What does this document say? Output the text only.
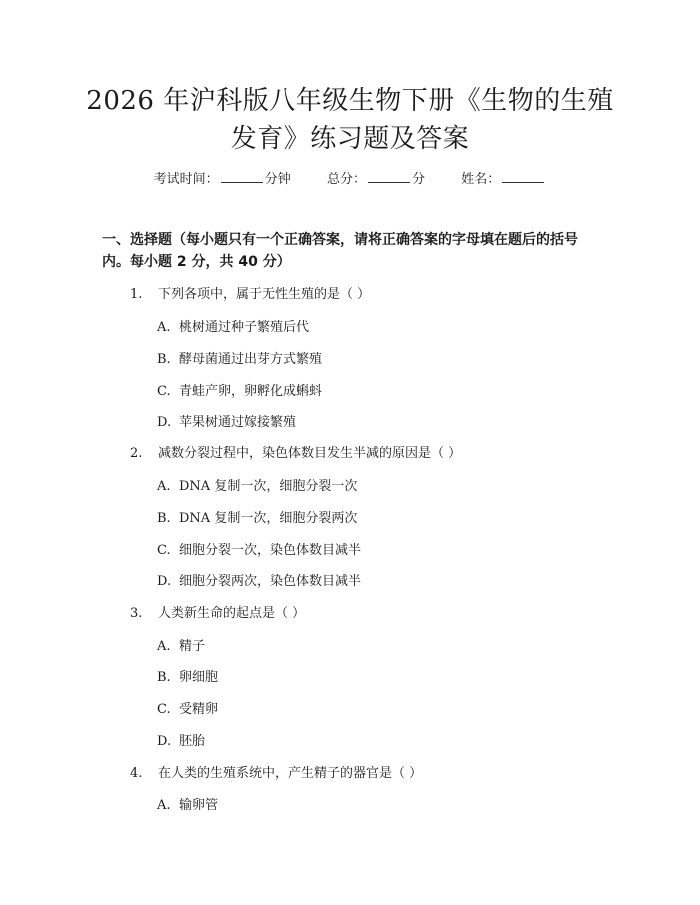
2026 年沪科版八年级生物下册《生物的生殖
发育》练习题及答案
考试时间：	分钟	总分：	分	姓名：
一、选择题（每小题只有一个正确答案，请将正确答案的字母填在题后的括号内。每小题 2 分，共 40 分）
1. 下列各项中，属于无性生殖的是（ ）
A. 桃树通过种子繁殖后代
B. 酵母菌通过出芽方式繁殖
C. 青蛙产卵，卵孵化成蝌蚪
D. 苹果树通过嫁接繁殖
2. 减数分裂过程中，染色体数目发生半减的原因是（ ）
A. DNA 复制一次，细胞分裂一次
B. DNA 复制一次，细胞分裂两次
C. 细胞分裂一次，染色体数目减半
D. 细胞分裂两次，染色体数目减半
3. 人类新生命的起点是（ ）
A. 精子
B. 卵细胞
C. 受精卵
D. 胚胎
4. 在人类的生殖系统中，产生精子的器官是（ ）
A. 输卵管
